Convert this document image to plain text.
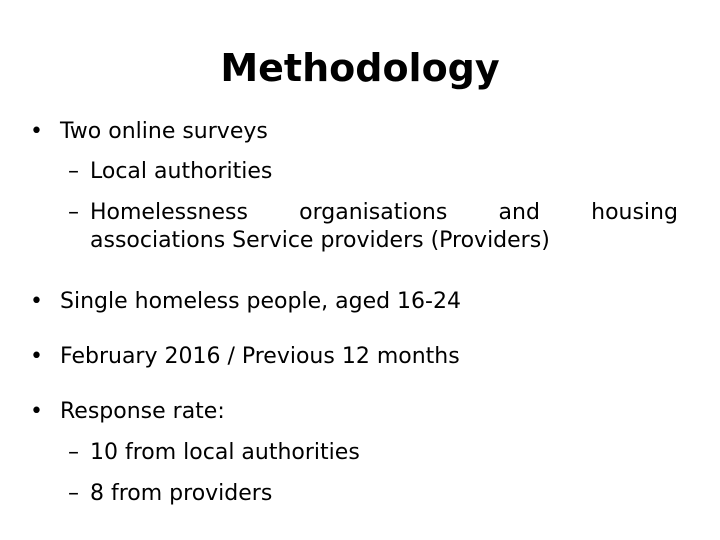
Methodology
• Two online surveys
– Local authorities
– Homelessness organisations and housing
associations Service providers (Providers)
• Single homeless people, aged 16-24
• February 2016 / Previous 12 months
• Response rate:
– 10 from local authorities
– 8 from providers
